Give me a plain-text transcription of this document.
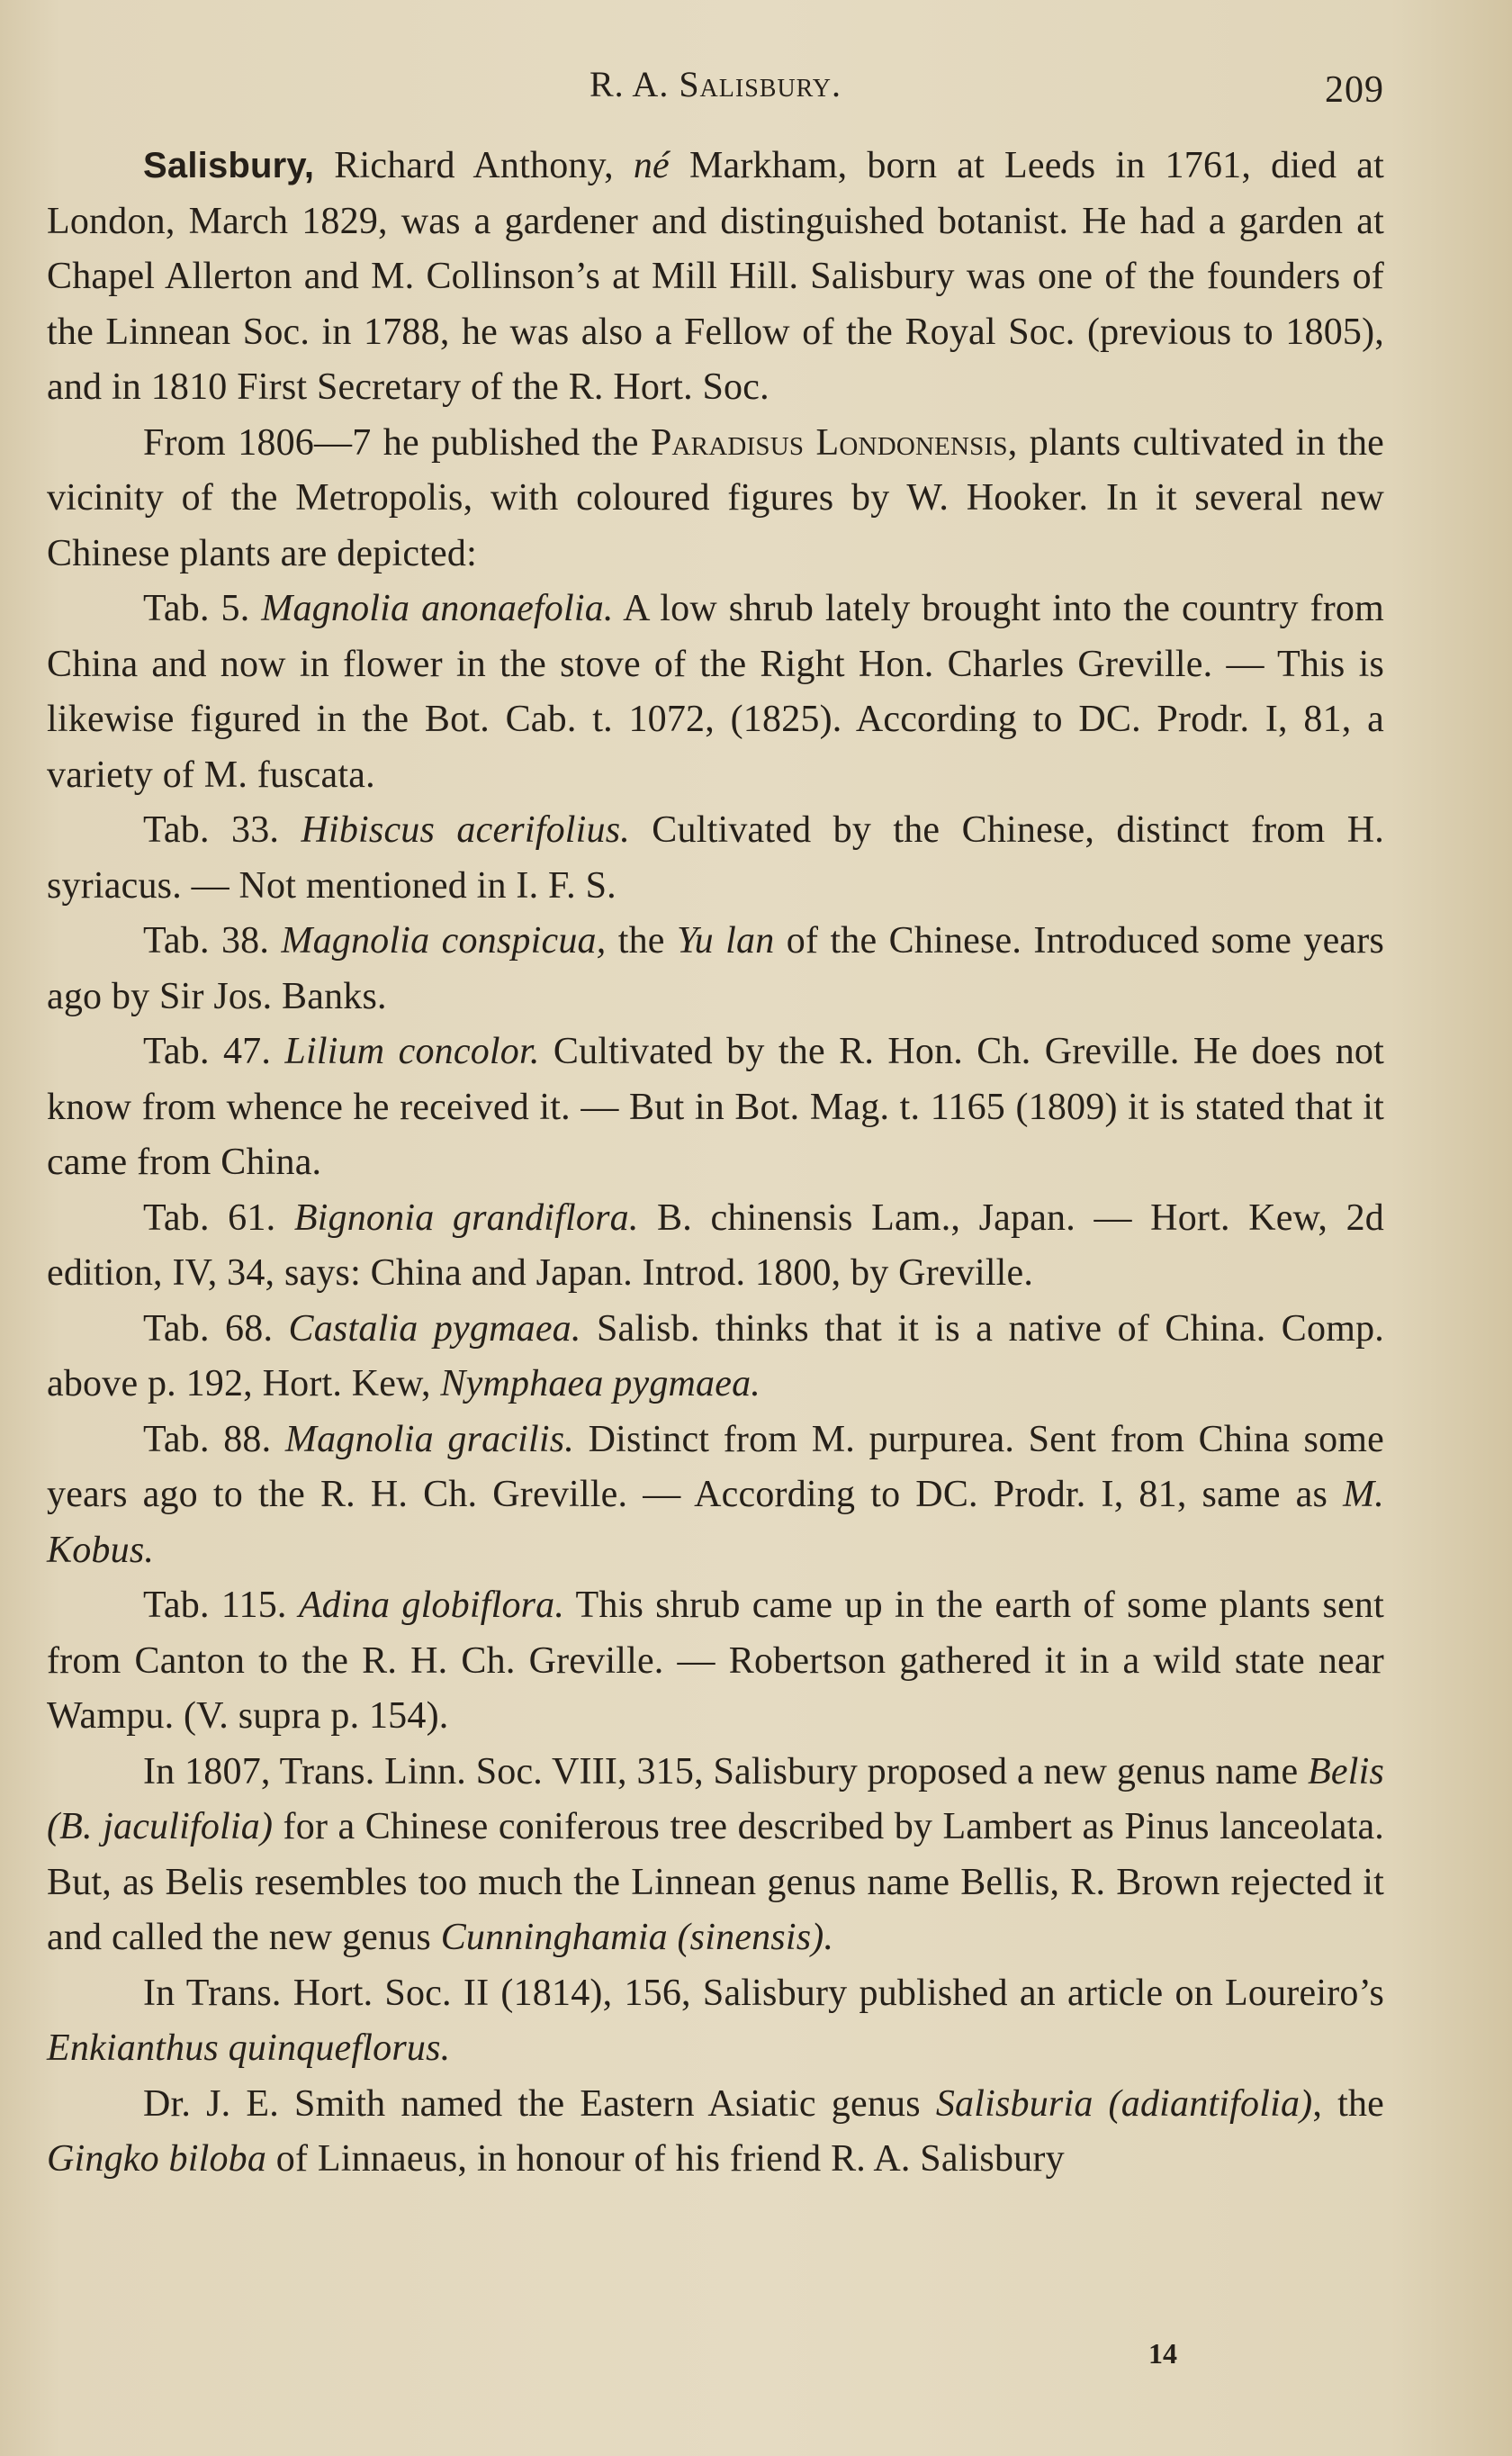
R. A. Salisbury.	209

Salisbury, Richard Anthony, né Markham, born at Leeds in 1761, died at London, March 1829, was a gardener and distinguished botanist. He had a garden at Chapel Allerton and M. Collinson’s at Mill Hill. Salisbury was one of the founders of the Linnean Soc. in 1788, he was also a Fellow of the Royal Soc. (previous to 1805), and in 1810 First Secretary of the R. Hort. Soc.

From 1806—7 he published the Paradisus Londonensis, plants cultivated in the vicinity of the Metropolis, with coloured figures by W. Hooker. In it several new Chinese plants are depicted:

Tab. 5. Magnolia anonaefolia. A low shrub lately brought into the country from China and now in flower in the stove of the Right Hon. Charles Greville. — This is likewise figured in the Bot. Cab. t. 1072, (1825). According to DC. Prodr. I, 81, a variety of M. fuscata.

Tab. 33. Hibiscus acerifolius. Cultivated by the Chinese, distinct from H. syriacus. — Not mentioned in I. F. S.

Tab. 38. Magnolia conspicua, the Yu lan of the Chinese. Introduced some years ago by Sir Jos. Banks.

Tab. 47. Lilium concolor. Cultivated by the R. Hon. Ch. Greville. He does not know from whence he received it. — But in Bot. Mag. t. 1165 (1809) it is stated that it came from China.

Tab. 61. Bignonia grandiflora. B. chinensis Lam., Japan. — Hort. Kew, 2d edition, IV, 34, says: China and Japan. Introd. 1800, by Greville.

Tab. 68. Castalia pygmaea. Salisb. thinks that it is a native of China. Comp. above p. 192, Hort. Kew, Nymphaea pygmaea.

Tab. 88. Magnolia gracilis. Distinct from M. purpurea. Sent from China some years ago to the R. H. Ch. Greville. — According to DC. Prodr. I, 81, same as M. Kobus.

Tab. 115. Adina globiflora. This shrub came up in the earth of some plants sent from Canton to the R. H. Ch. Greville. — Robertson gathered it in a wild state near Wampu. (V. supra p. 154).

In 1807, Trans. Linn. Soc. VIII, 315, Salisbury proposed a new genus name Belis (B. jaculifolia) for a Chinese coniferous tree described by Lambert as Pinus lanceolata. But, as Belis resembles too much the Linnean genus name Bellis, R. Brown rejected it and called the new genus Cunninghamia (sinensis).

In Trans. Hort. Soc. II (1814), 156, Salisbury published an article on Loureiro’s Enkianthus quinqueflorus.

Dr. J. E. Smith named the Eastern Asiatic genus Salisburia (adiantifolia), the Gingko biloba of Linnaeus, in honour of his friend R. A. Salisbury

14
